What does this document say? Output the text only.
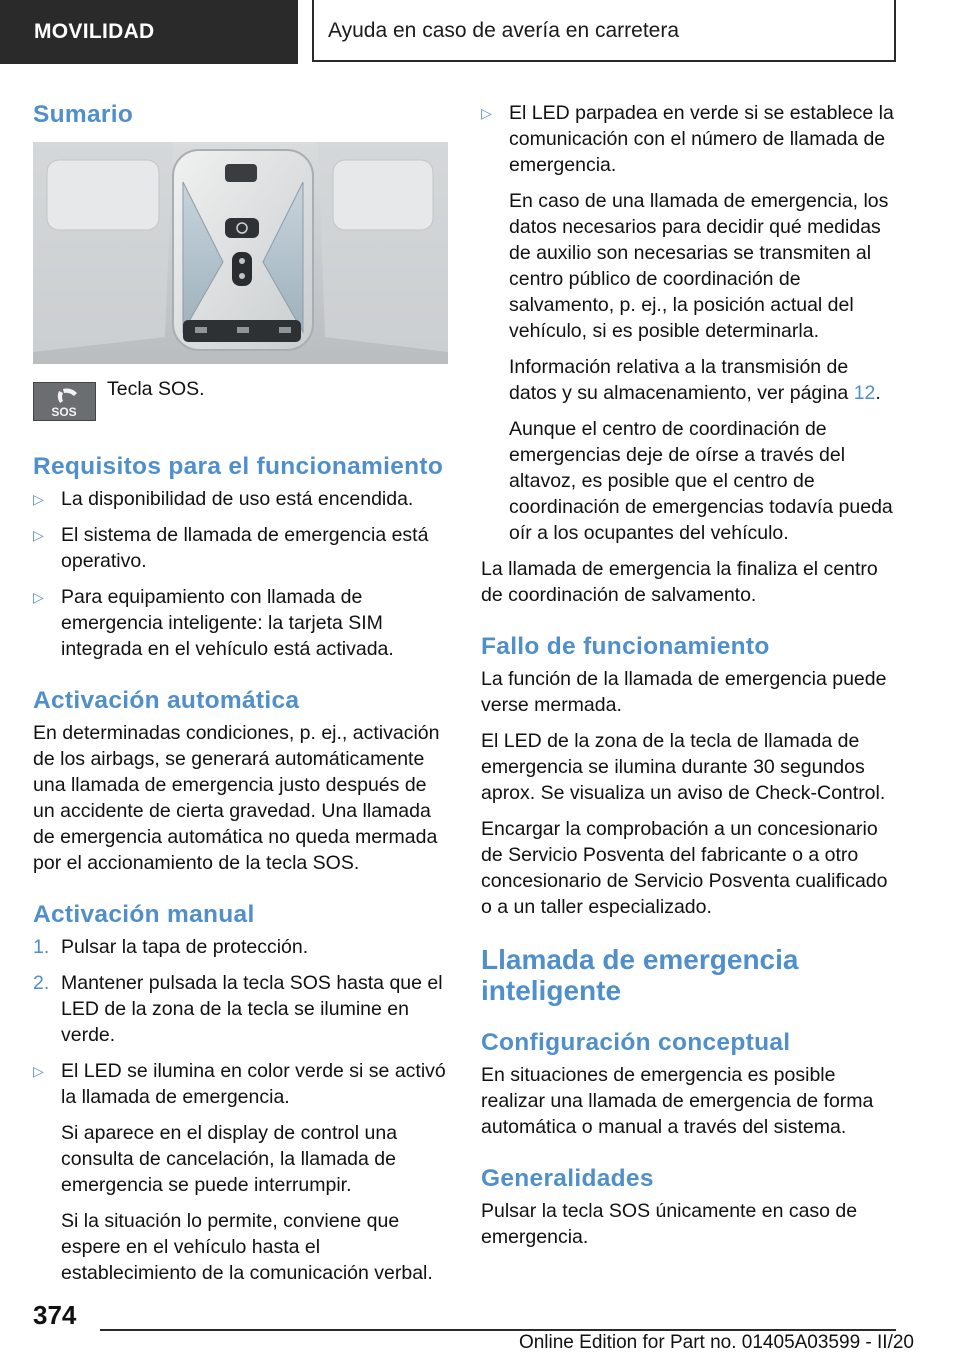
MOVILIDAD	Ayuda en caso de avería en carretera
Sumario
SOS
Tecla SOS.
Requisitos para el funcionamiento
▷ La disponibilidad de uso está encendida.
▷ El sistema de llamada de emergencia está operativo.
▷ Para equipamiento con llamada de emergencia inteligente: la tarjeta SIM integrada en el vehículo está activada.
Activación automática

En determinadas condiciones, p. ej., activación de los airbags, se generará automáticamente una llamada de emergencia justo después de un accidente de cierta gravedad. Una llamada de emergencia automática no queda mermada por el accionamiento de la tecla SOS.

Activación manual
1. Pulsar la tapa de protección.
2. Mantener pulsada la tecla SOS hasta que el LED de la zona de la tecla se ilumine en verde.
▷ El LED se ilumina en color verde si se activó la llamada de emergencia.
Si aparece en el display de control una consulta de cancelación, la llamada de emergencia se puede interrumpir.
Si la situación lo permite, conviene que espere en el vehículo hasta el establecimiento de la comunicación verbal.
▷ El LED parpadea en verde si se establece la comunicación con el número de llamada de emergencia.
En caso de una llamada de emergencia, los datos necesarios para decidir qué medidas de auxilio son necesarias se transmiten al centro público de coordinación de salvamento, p. ej., la posición actual del vehículo, si es posible determinarla.
Información relativa a la transmisión de datos y su almacenamiento, ver página 12.
Aunque el centro de coordinación de emergencias deje de oírse a través del altavoz, es posible que el centro de coordinación de emergencias todavía pueda oír a los ocupantes del vehículo.

La llamada de emergencia la finaliza el centro de coordinación de salvamento.

Fallo de funcionamiento

La función de la llamada de emergencia puede verse mermada.

El LED de la zona de la tecla de llamada de emergencia se ilumina durante 30 segundos aprox. Se visualiza un aviso de Check-Control.

Encargar la comprobación a un concesionario de Servicio Posventa del fabricante o a otro concesionario de Servicio Posventa cualificado o a un taller especializado.

Llamada de emergencia inteligente
Configuración conceptual

En situaciones de emergencia es posible realizar una llamada de emergencia de forma automática o manual a través del sistema.

Generalidades

Pulsar la tecla SOS únicamente en caso de emergencia.

374
Online Edition for Part no. 01405A03599 - II/20
